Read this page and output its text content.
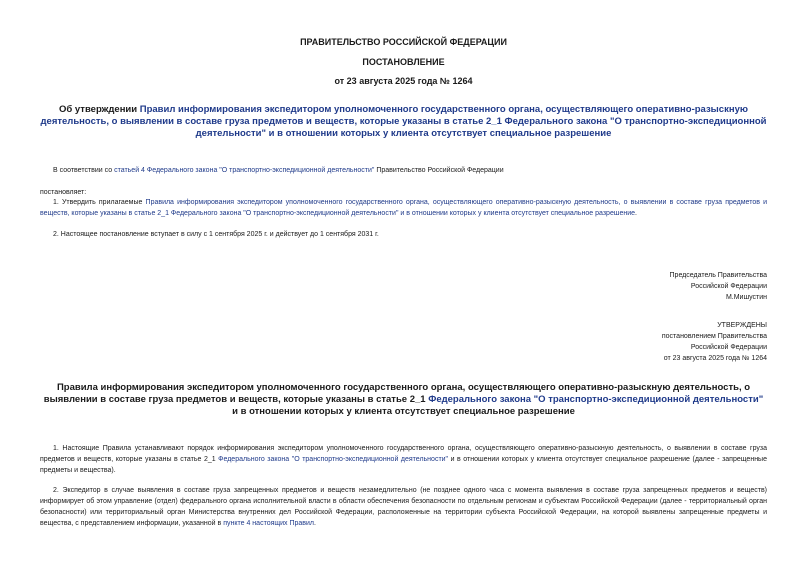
ПРАВИТЕЛЬСТВО РОССИЙСКОЙ ФЕДЕРАЦИИ
ПОСТАНОВЛЕНИЕ
от 23 августа 2025 года № 1264
Об утверждении Правил информирования экспедитором уполномоченного государственного органа, осуществляющего оперативно-разыскную деятельность, о выявлении в составе груза предметов и веществ, которые указаны в статье 2_1 Федерального закона "О транспортно-экспедиционной деятельности" и в отношении которых у клиента отсутствует специальное разрешение
В соответствии со статьей 4 Федерального закона "О транспортно-экспедиционной деятельности" Правительство Российской Федерации
постановляет:
1. Утвердить прилагаемые Правила информирования экспедитором уполномоченного государственного органа, осуществляющего оперативно-разыскную деятельность, о выявлении в составе груза предметов и веществ, которые указаны в статье 2_1 Федерального закона "О транспортно-экспедиционной деятельности" и в отношении которых у клиента отсутствует специальное разрешение.
2. Настоящее постановление вступает в силу с 1 сентября 2025 г. и действует до 1 сентября 2031 г.
Председатель Правительства
Российской Федерации
М.Мишустин
УТВЕРЖДЕНЫ
постановлением Правительства
Российской Федерации
от 23 августа 2025 года № 1264
Правила информирования экспедитором уполномоченного государственного органа, осуществляющего оперативно-разыскную деятельность, о выявлении в составе груза предметов и веществ, которые указаны в статье 2_1 Федерального закона "О транспортно-экспедиционной деятельности" и в отношении которых у клиента отсутствует специальное разрешение
1. Настоящие Правила устанавливают порядок информирования экспедитором уполномоченного государственного органа, осуществляющего оперативно-разыскную деятельность, о выявлении в составе груза предметов и веществ, которые указаны в статье 2_1 Федерального закона "О транспортно-экспедиционной деятельности" и в отношении которых у клиента отсутствует специальное разрешение (далее - запрещенные предметы и вещества).
2. Экспедитор в случае выявления в составе груза запрещенных предметов и веществ незамедлительно (не позднее одного часа с момента выявления в составе груза запрещенных предметов и веществ) информирует об этом управление (отдел) федерального органа исполнительной власти в области обеспечения безопасности по отдельным регионам и субъектам Российской Федерации (далее - территориальный орган безопасности) или территориальный орган Министерства внутренних дел Российской Федерации, расположенные на территории субъекта Российской Федерации, на которой выявлены запрещенные предметы и вещества, с представлением информации, указанной в пункте 4 настоящих Правил.
